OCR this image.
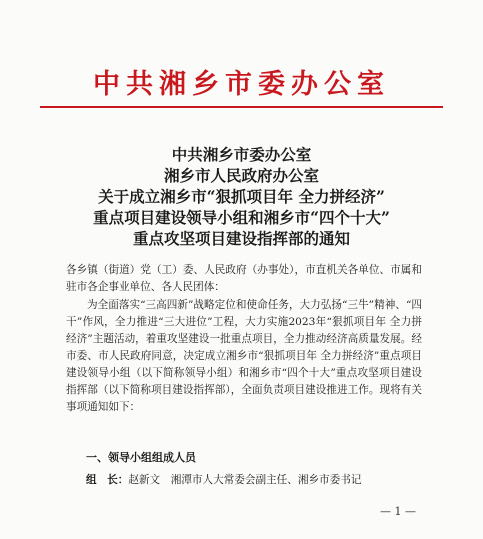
中共湘乡市委办公室
中共湘乡市委办公室
湘乡市人民政府办公室
关于成立湘乡市“狠抓项目年 全力拼经济”
重点项目建设领导小组和湘乡市“四个十大”
重点攻坚项目建设指挥部的通知
各乡镇（街道）党（工）委、人民政府（办事处），市直机关各单位、市属和驻市各企事业单位、各人民团体：
为全面落实“三高四新”战略定位和使命任务，大力弘扬“三牛”精神、“四干”作风，全力推进“三大进位”工程，大力实施2023年“狠抓项目年 全力拼经济”主题活动，着重攻坚建设一批重点项目，全力推动经济高质量发展。经市委、市人民政府同意，决定成立湘乡市“狠抓项目年 全力拼经济”重点项目建设领导小组（以下简称领导小组）和湘乡市“四个十大”重点攻坚项目建设指挥部（以下简称项目建设指挥部），全面负责项目建设推进工作。现将有关事项通知如下：
一、领导小组组成人员
组　长：赵新文　湘潭市人大常委会副主任、湘乡市委书记
— 1 —
